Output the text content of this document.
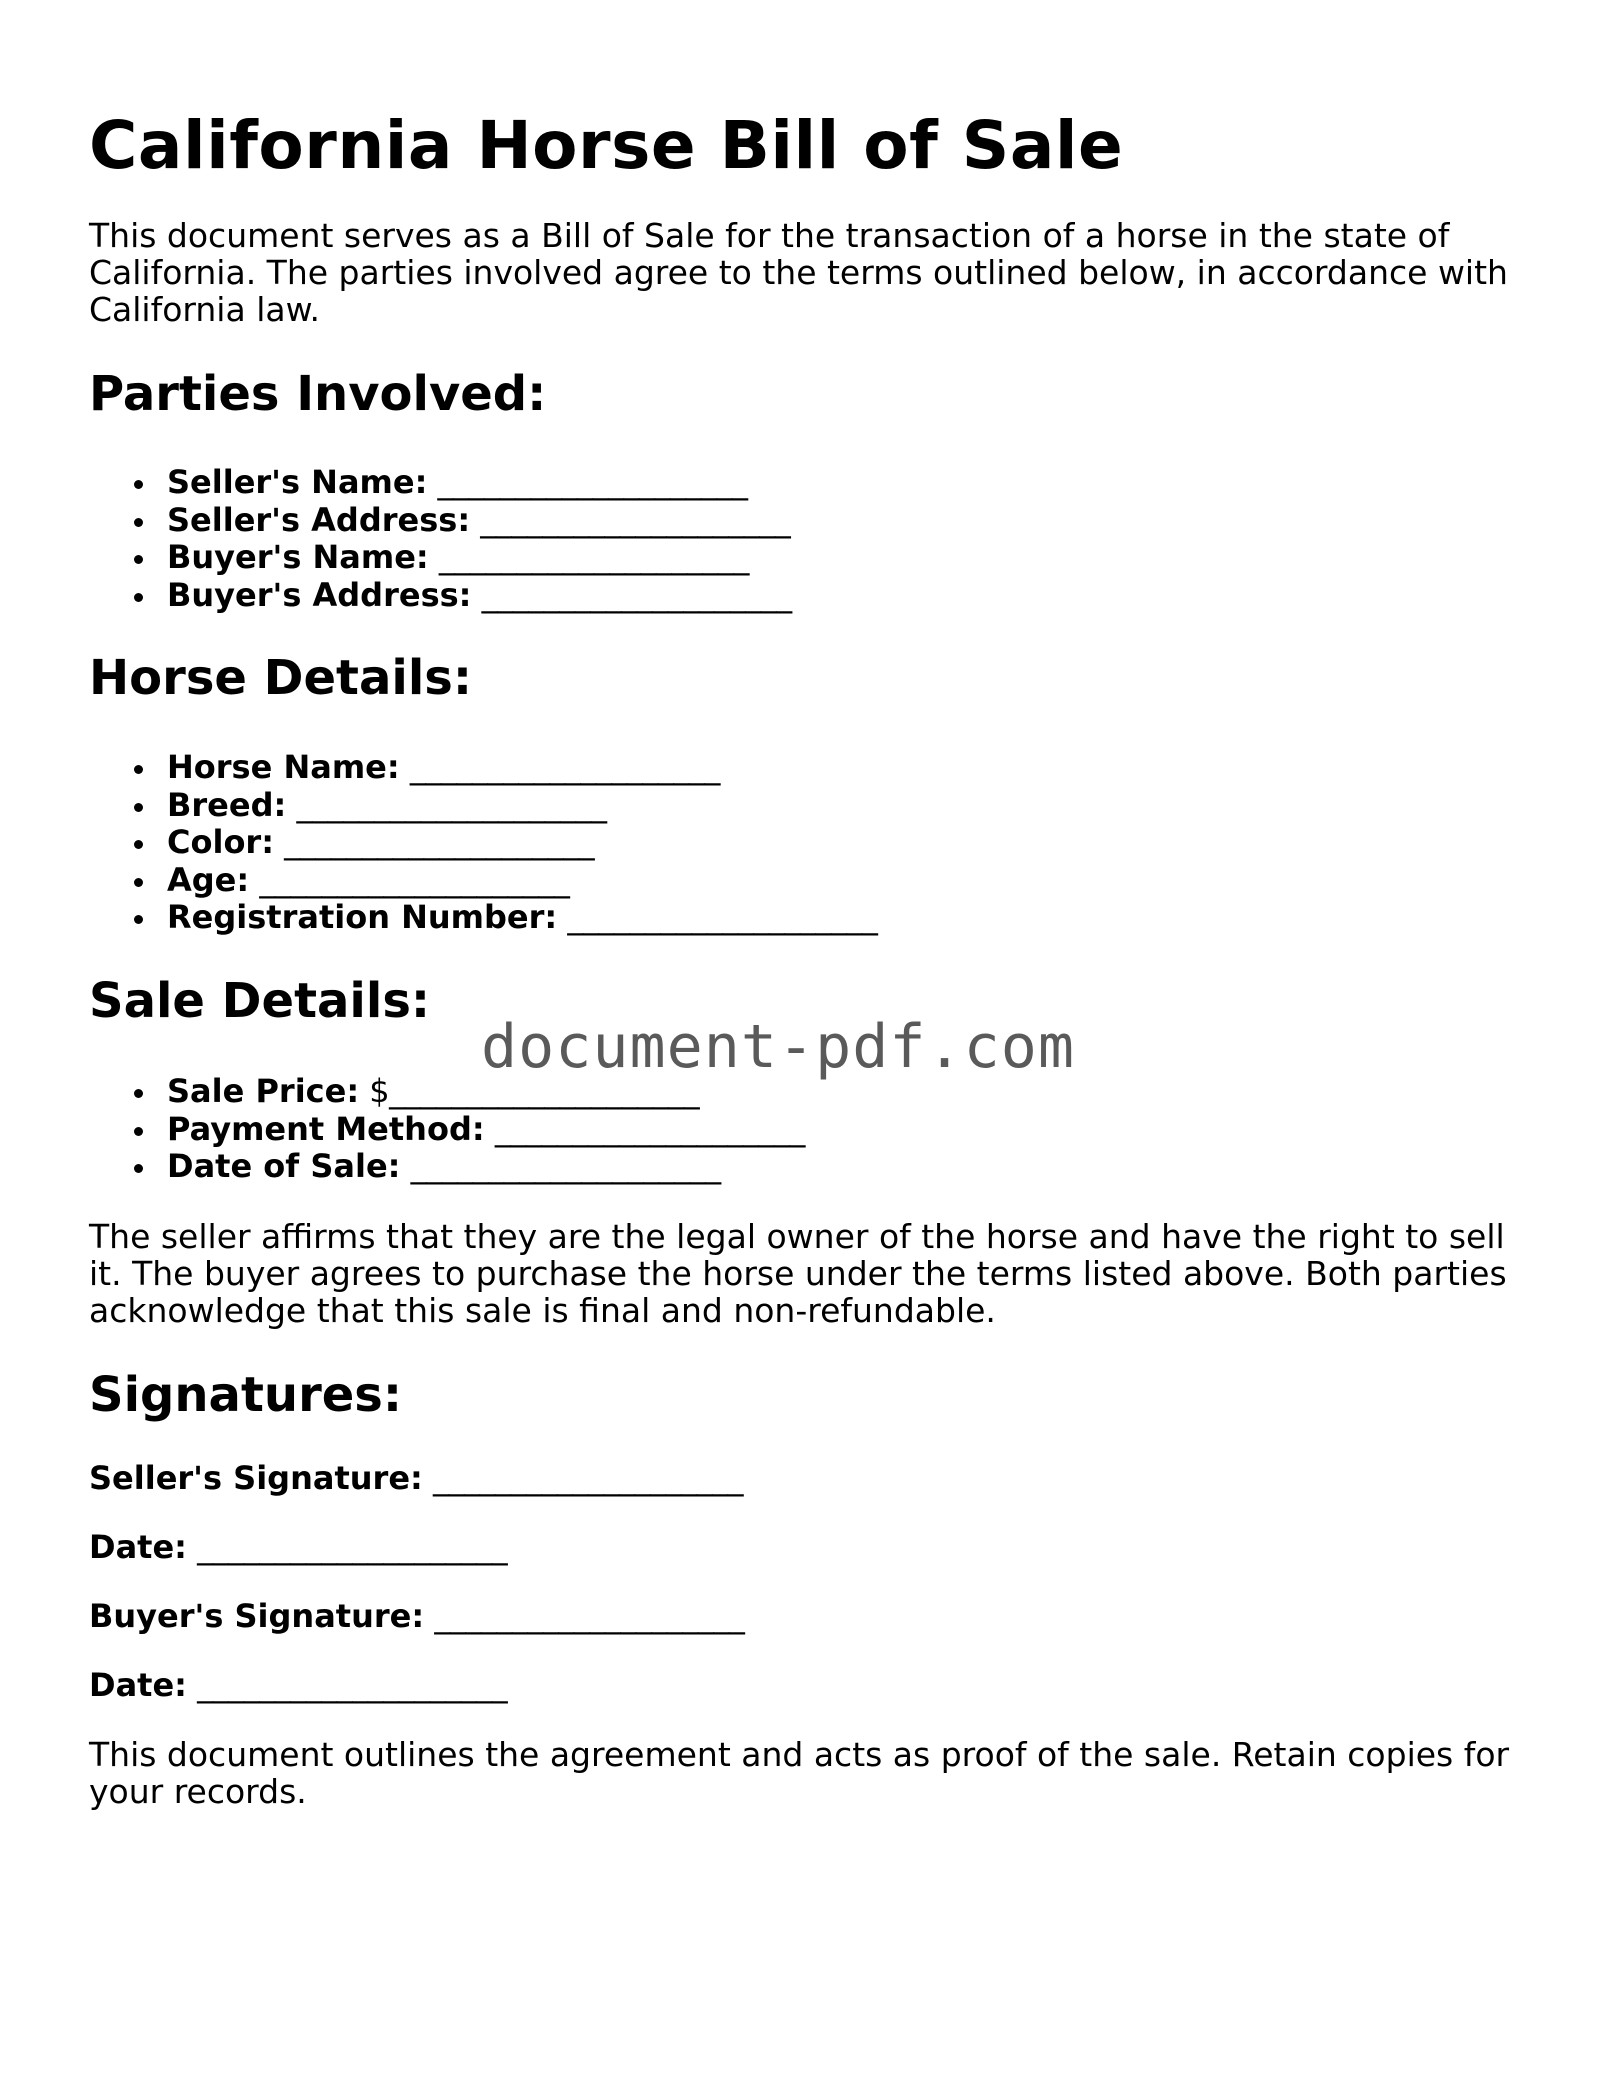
California Horse Bill of Sale

This document serves as a Bill of Sale for the transaction of a horse in the state of California. The parties involved agree to the terms outlined below, in accordance with California law.

Parties Involved:
Seller's Name: ____________________
Seller's Address: ____________________
Buyer's Name: ____________________
Buyer's Address: ____________________
Horse Details:
Horse Name: ____________________
Breed: ____________________
Color: ____________________
Age: ____________________
Registration Number: ____________________
Sale Details:
Sale Price: $____________________
Payment Method: ____________________
Date of Sale: ____________________

The seller affirms that they are the legal owner of the horse and have the right to sell it. The buyer agrees to purchase the horse under the terms listed above. Both parties acknowledge that this sale is final and non-refundable.

Signatures:

Seller's Signature: ____________________

Date: ____________________

Buyer's Signature: ____________________

Date: ____________________

This document outlines the agreement and acts as proof of the sale. Retain copies for your records.

document-pdf.com
